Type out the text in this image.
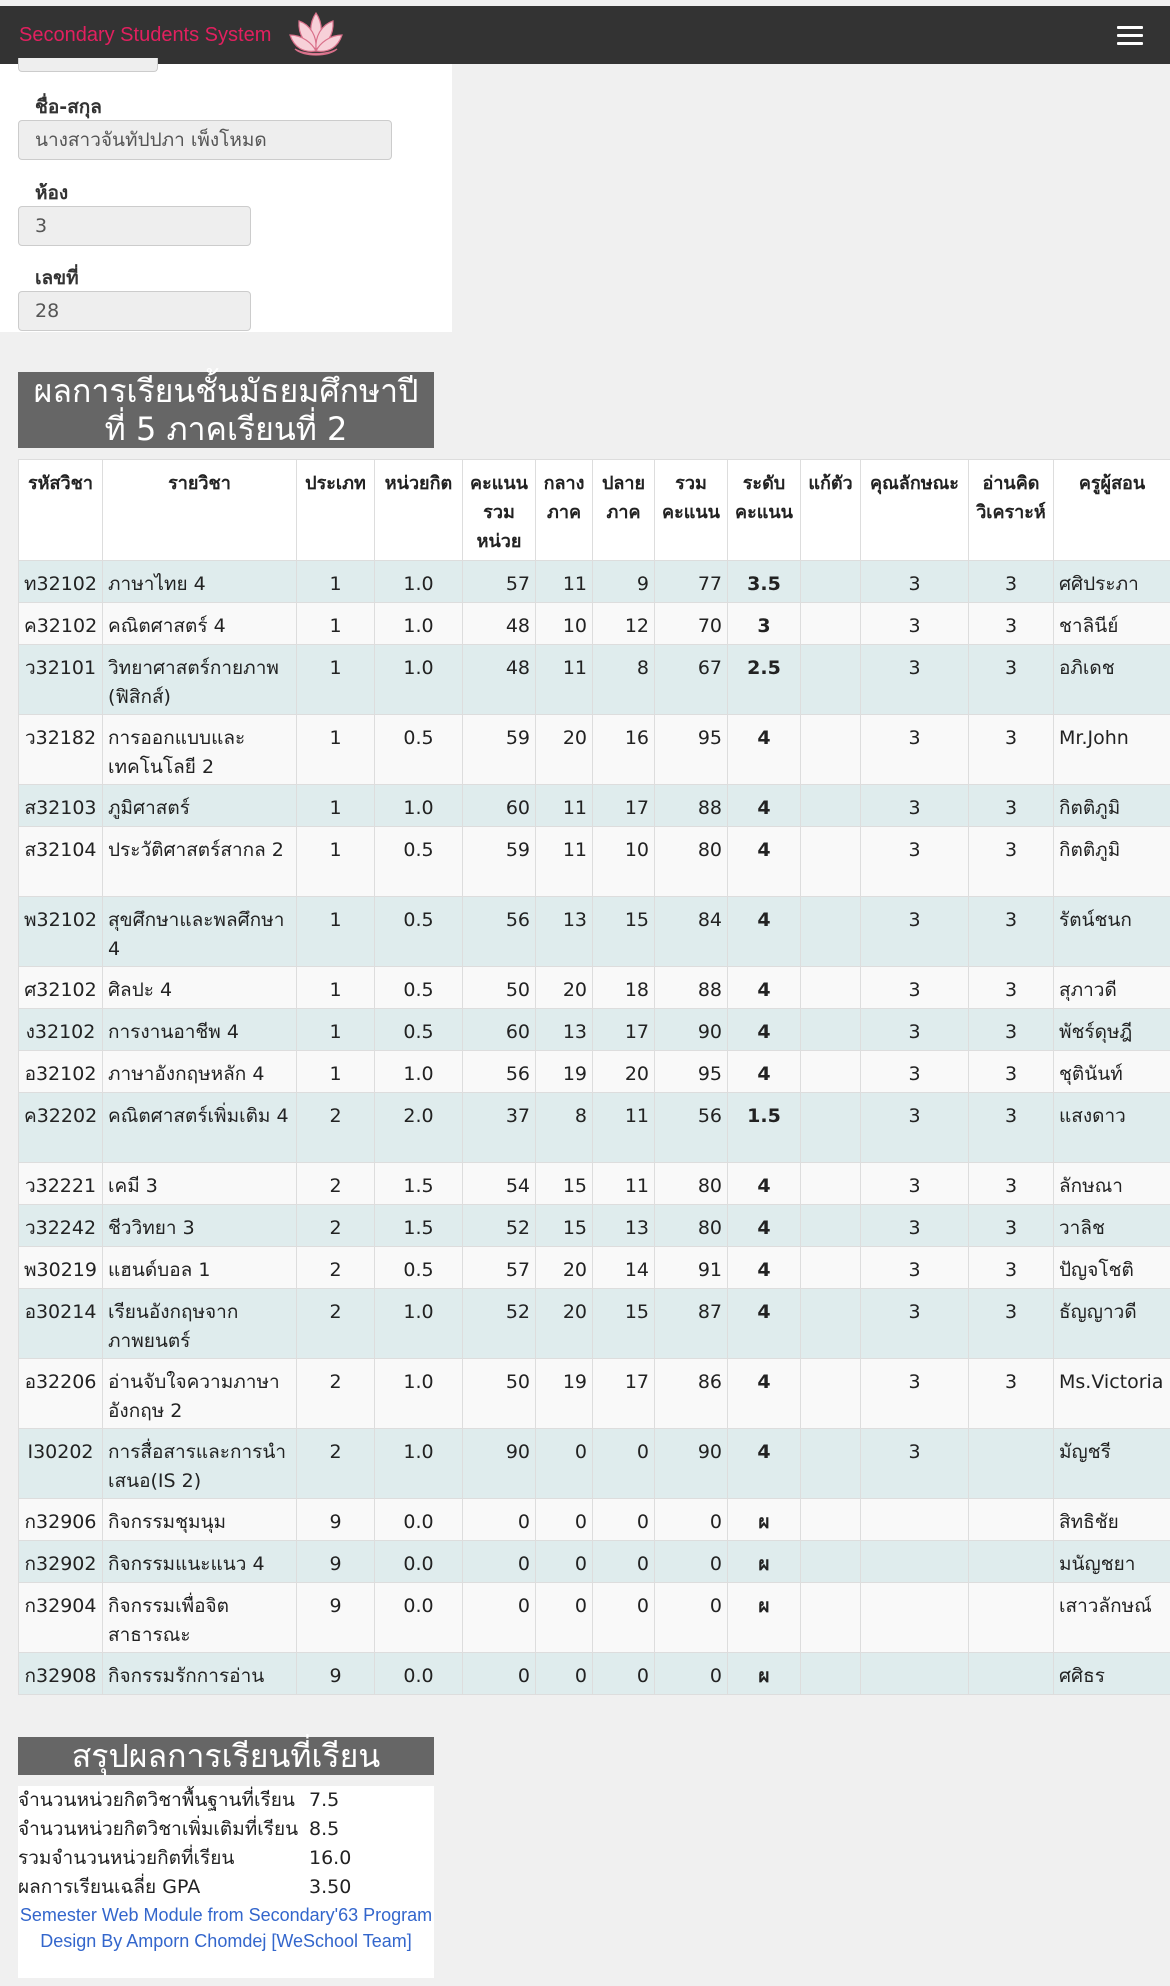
Secondary Students System
ชื่อ-สกุล
นางสาวจันทัปปภา เพ็งโหมด
ห้อง
3
เลขที่
28
ผลการเรียนชั้นมัธยมศึกษาปี
ที่ 5 ภาคเรียนที่ 2
รหัสวิชา	รายวิชา	ประเภท	หน่วยกิต	คะแนน รวม หน่วย	กลาง ภาค	ปลาย ภาค	รวม คะแนน	ระดับ คะแนน	แก้ตัว	คุณลักษณะ	อ่านคิด วิเคราะห์	ครูผู้สอน
ท32102	ภาษาไทย 4	1	1.0	57	11	9	77	3.5		3	3	ศศิประภา
ค32102	คณิตศาสตร์ 4	1	1.0	48	10	12	70	3		3	3	ชาลินีย์
ว32101	วิทยาศาสตร์กายภาพ (ฟิสิกส์)	1	1.0	48	11	8	67	2.5		3	3	อภิเดช
ว32182	การออกแบบและเทคโนโลยี 2	1	0.5	59	20	16	95	4		3	3	Mr.John
ส32103	ภูมิศาสตร์	1	1.0	60	11	17	88	4		3	3	กิตติภูมิ
ส32104	ประวัติศาสตร์สากล 2	1	0.5	59	11	10	80	4		3	3	กิตติภูมิ
พ32102	สุขศึกษาและพลศึกษา 4	1	0.5	56	13	15	84	4		3	3	รัตน์ชนก
ศ32102	ศิลปะ 4	1	0.5	50	20	18	88	4		3	3	สุภาวดี
ง32102	การงานอาชีพ 4	1	0.5	60	13	17	90	4		3	3	พัชร์ดุษฎี
อ32102	ภาษาอังกฤษหลัก 4	1	1.0	56	19	20	95	4		3	3	ชุตินันท์
ค32202	คณิตศาสตร์เพิ่มเติม 4	2	2.0	37	8	11	56	1.5		3	3	แสงดาว
ว32221	เคมี 3	2	1.5	54	15	11	80	4		3	3	ลักษณา
ว32242	ชีววิทยา 3	2	1.5	52	15	13	80	4		3	3	วาลิช
พ30219	แฮนด์บอล 1	2	0.5	57	20	14	91	4		3	3	ปัญจโชติ
อ30214	เรียนอังกฤษจากภาพยนตร์	2	1.0	52	20	15	87	4		3	3	ธัญญาวดี
อ32206	อ่านจับใจความภาษาอังกฤษ 2	2	1.0	50	19	17	86	4		3	3	Ms.Victoria
I30202	การสื่อสารและการนำเสนอ(IS 2)	2	1.0	90	0	0	90	4		3		มัญชรี
ก32906	กิจกรรมชุมนุม	9	0.0	0	0	0	0	ผ				สิทธิชัย
ก32902	กิจกรรมแนะแนว 4	9	0.0	0	0	0	0	ผ				มนัญชยา
ก32904	กิจกรรมเพื่อจิตสาธารณะ	9	0.0	0	0	0	0	ผ				เสาวลักษณ์
ก32908	กิจกรรมรักการอ่าน	9	0.0	0	0	0	0	ผ				ศศิธร
สรุปผลการเรียนที่เรียน
จำนวนหน่วยกิตวิชาพื้นฐานที่เรียน 7.5
จำนวนหน่วยกิตวิชาเพิ่มเติมที่เรียน 8.5
รวมจำนวนหน่วยกิตที่เรียน	16.0
ผลการเรียนเฉลี่ย GPA	3.50
Semester Web Module from Secondary'63 Program Design By Amporn Chomdej [WeSchool Team]
